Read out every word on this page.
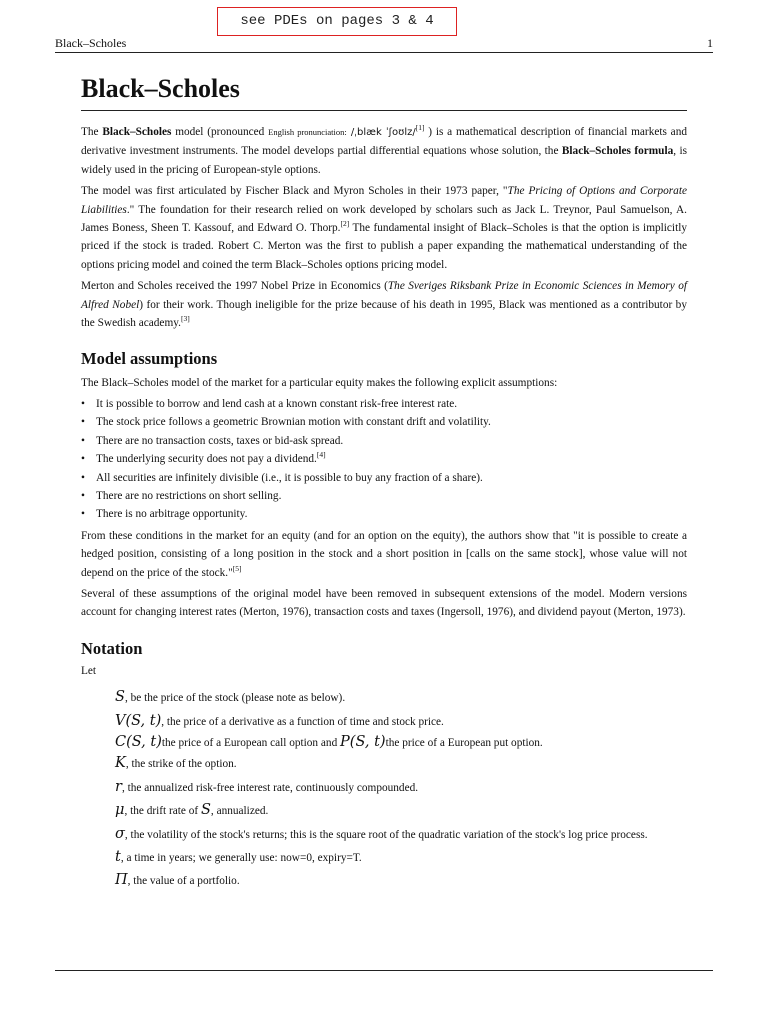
see PDEs on pages 3 & 4
Black–Scholes	1
Black–Scholes

The Black–Scholes model (pronounced English pronunciation: /ˌblæk ˈʃoʊlz/[1] ) is a mathematical description of financial markets and derivative investment instruments. The model develops partial differential equations whose solution, the Black–Scholes formula, is widely used in the pricing of European-style options.

The model was first articulated by Fischer Black and Myron Scholes in their 1973 paper, "The Pricing of Options and Corporate Liabilities." The foundation for their research relied on work developed by scholars such as Jack L. Treynor, Paul Samuelson, A. James Boness, Sheen T. Kassouf, and Edward O. Thorp.[2] The fundamental insight of Black–Scholes is that the option is implicitly priced if the stock is traded. Robert C. Merton was the first to publish a paper expanding the mathematical understanding of the options pricing model and coined the term Black–Scholes options pricing model.

Merton and Scholes received the 1997 Nobel Prize in Economics (The Sveriges Riksbank Prize in Economic Sciences in Memory of Alfred Nobel) for their work. Though ineligible for the prize because of his death in 1995, Black was mentioned as a contributor by the Swedish academy.[3]

Model assumptions

The Black–Scholes model of the market for a particular equity makes the following explicit assumptions:

• It is possible to borrow and lend cash at a known constant risk-free interest rate.
• The stock price follows a geometric Brownian motion with constant drift and volatility.
• There are no transaction costs, taxes or bid-ask spread.
• The underlying security does not pay a dividend.[4]
• All securities are infinitely divisible (i.e., it is possible to buy any fraction of a share).
• There are no restrictions on short selling.
• There is no arbitrage opportunity.

From these conditions in the market for an equity (and for an option on the equity), the authors show that "it is possible to create a hedged position, consisting of a long position in the stock and a short position in [calls on the same stock], whose value will not depend on the price of the stock."[5]

Several of these assumptions of the original model have been removed in subsequent extensions of the model. Modern versions account for changing interest rates (Merton, 1976), transaction costs and taxes (Ingersoll, 1976), and dividend payout (Merton, 1973).

Notation

Let

S, be the price of the stock (please note as below).
V(S, t), the price of a derivative as a function of time and stock price.
C(S, t)the price of a European call option and P(S, t)the price of a European put option.
K, the strike of the option.
r, the annualized risk-free interest rate, continuously compounded.
μ, the drift rate of S, annualized.
σ, the volatility of the stock's returns; this is the square root of the quadratic variation of the stock's log price process.
t, a time in years; we generally use: now=0, expiry=T.
Π, the value of a portfolio.
